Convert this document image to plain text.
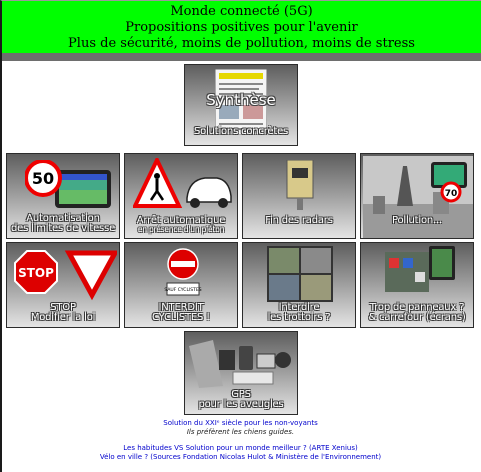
Monde connecté (5G)
Propositions positives pour l'avenir
Plus de sécurité, moins de pollution, moins de stress
Synthèse
Solutions concrètes
50
Automatisation
des limites de vitesse
Arrêt automatique
en présence d'un piéton
Fin des radars
70
Pollution...
STOP
STOP
Modifier la loi
SAUF CYCLISTES
INTERDIT
CYCLISTES !
Interdire
les trottoirs ?
Trop de panneaux ?
& carrefour (écrans)
GPS
pour les aveugles
Solution du XXIᵉ siècle pour les non-voyants
Ils préfèrent les chiens guides.
Les habitudes VS Solution pour un monde meilleur ? (ARTE Xenius)
Vélo en ville ? (Sources Fondation Nicolas Hulot & Ministère de l'Environnement)
